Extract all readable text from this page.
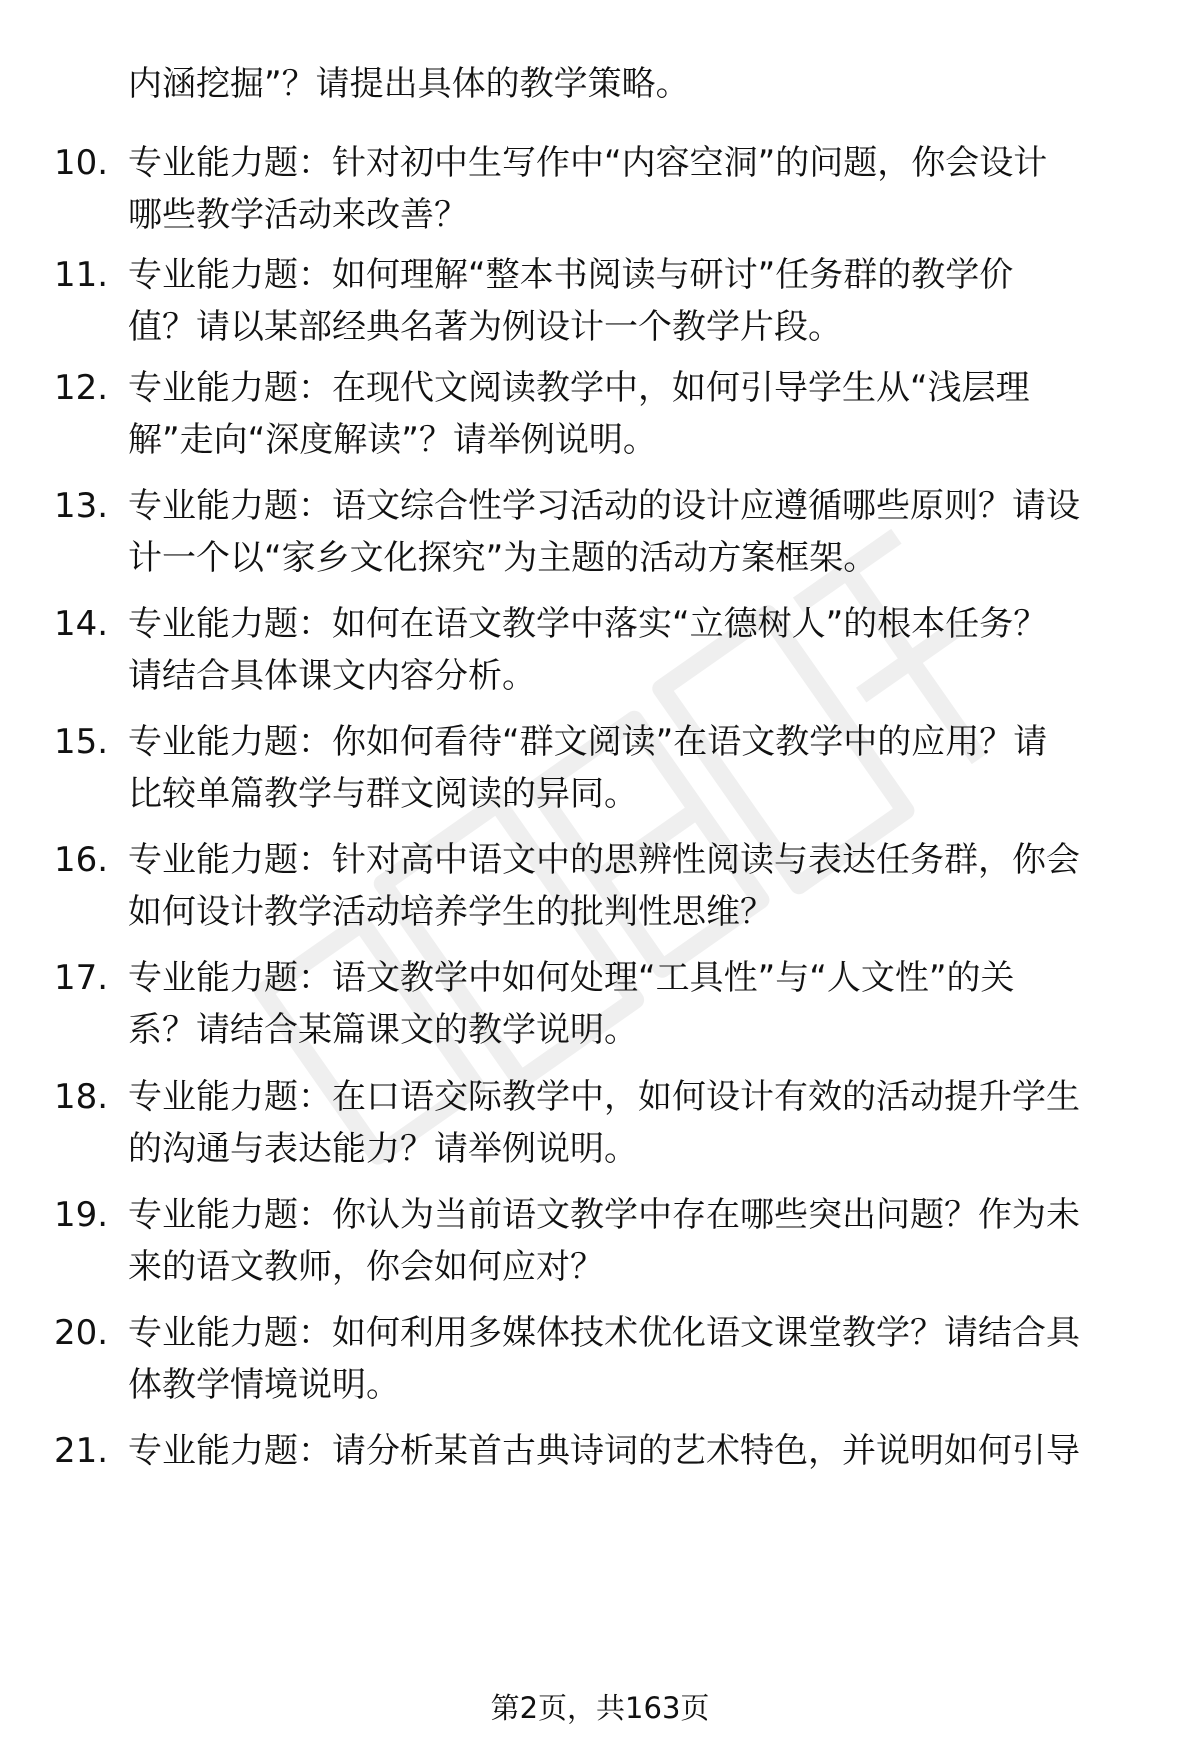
内涵挖掘”？请提出具体的教学策略。
10. 专业能力题：针对初中生写作中“内容空洞”的问题，你会设计
哪些教学活动来改善？
11. 专业能力题：如何理解“整本书阅读与研讨”任务群的教学价
值？请以某部经典名著为例设计一个教学片段。
12. 专业能力题：在现代文阅读教学中，如何引导学生从“浅层理
解”走向“深度解读”？请举例说明。
13. 专业能力题：语文综合性学习活动的设计应遵循哪些原则？请设
计一个以“家乡文化探究”为主题的活动方案框架。
14. 专业能力题：如何在语文教学中落实“立德树人”的根本任务？
请结合具体课文内容分析。
15. 专业能力题：你如何看待“群文阅读”在语文教学中的应用？请
比较单篇教学与群文阅读的异同。
16. 专业能力题：针对高中语文中的思辨性阅读与表达任务群，你会
如何设计教学活动培养学生的批判性思维？
17. 专业能力题：语文教学中如何处理“工具性”与“人文性”的关
系？请结合某篇课文的教学说明。
18. 专业能力题：在口语交际教学中，如何设计有效的活动提升学生
的沟通与表达能力？请举例说明。
19. 专业能力题：你认为当前语文教学中存在哪些突出问题？作为未
来的语文教师，你会如何应对？
20. 专业能力题：如何利用多媒体技术优化语文课堂教学？请结合具
体教学情境说明。
21. 专业能力题：请分析某首古典诗词的艺术特色，并说明如何引导
第2页，共163页
